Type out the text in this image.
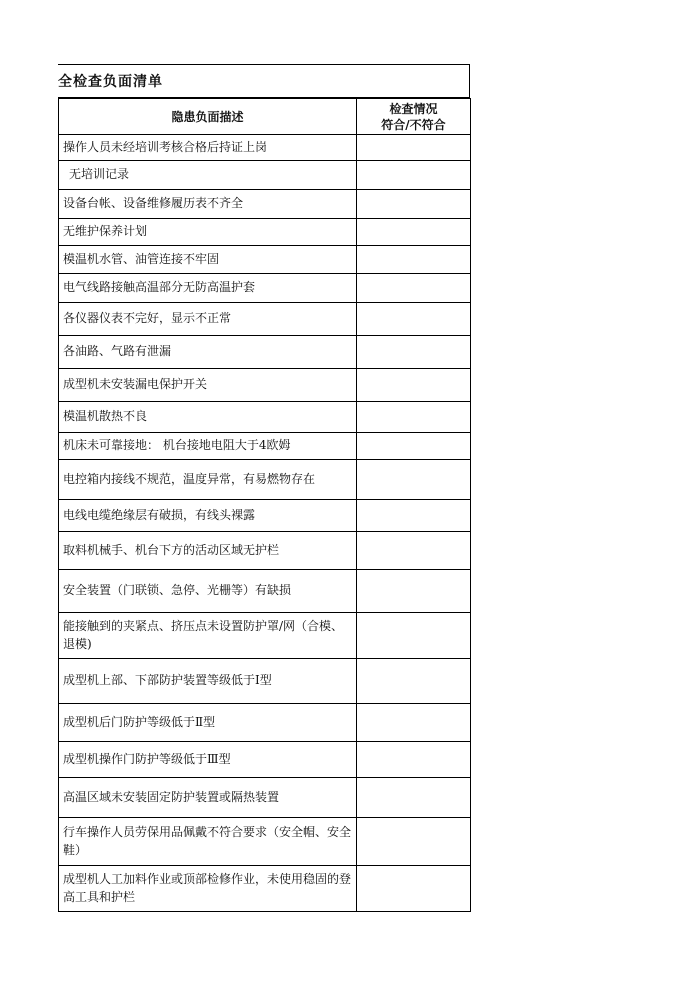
全检查负面清单
隐患负面描述	检查情况
符合/不符合

操作人员未经培训考核合格后持证上岗	
无培训记录	
设备台帐、设备维修履历表不齐全	
无维护保养计划	
模温机水管、油管连接不牢固	
电气线路接触高温部分无防高温护套	
各仪器仪表不完好，显示不正常	
各油路、气路有泄漏	
成型机未安装漏电保护开关	
模温机散热不良	
机床未可靠接地： 机台接地电阻大于4欧姆	
电控箱内接线不规范，温度异常，有易燃物存在	
电线电缆绝缘层有破损，有线头裸露	
取料机械手、机台下方的活动区域无护栏	
安全装置（门联锁、急停、光栅等）有缺损	
能接触到的夹紧点、挤压点未设置防护罩/网（合模、退模)	
成型机上部、下部防护装置等级低于Ⅰ型	
成型机后门防护等级低于Ⅱ型	
成型机操作门防护等级低于Ⅲ型	
高温区域未安装固定防护装置或隔热装置	
行车操作人员劳保用品佩戴不符合要求（安全帽、安全鞋）	
成型机人工加料作业或顶部检修作业，未使用稳固的登高工具和护栏	
